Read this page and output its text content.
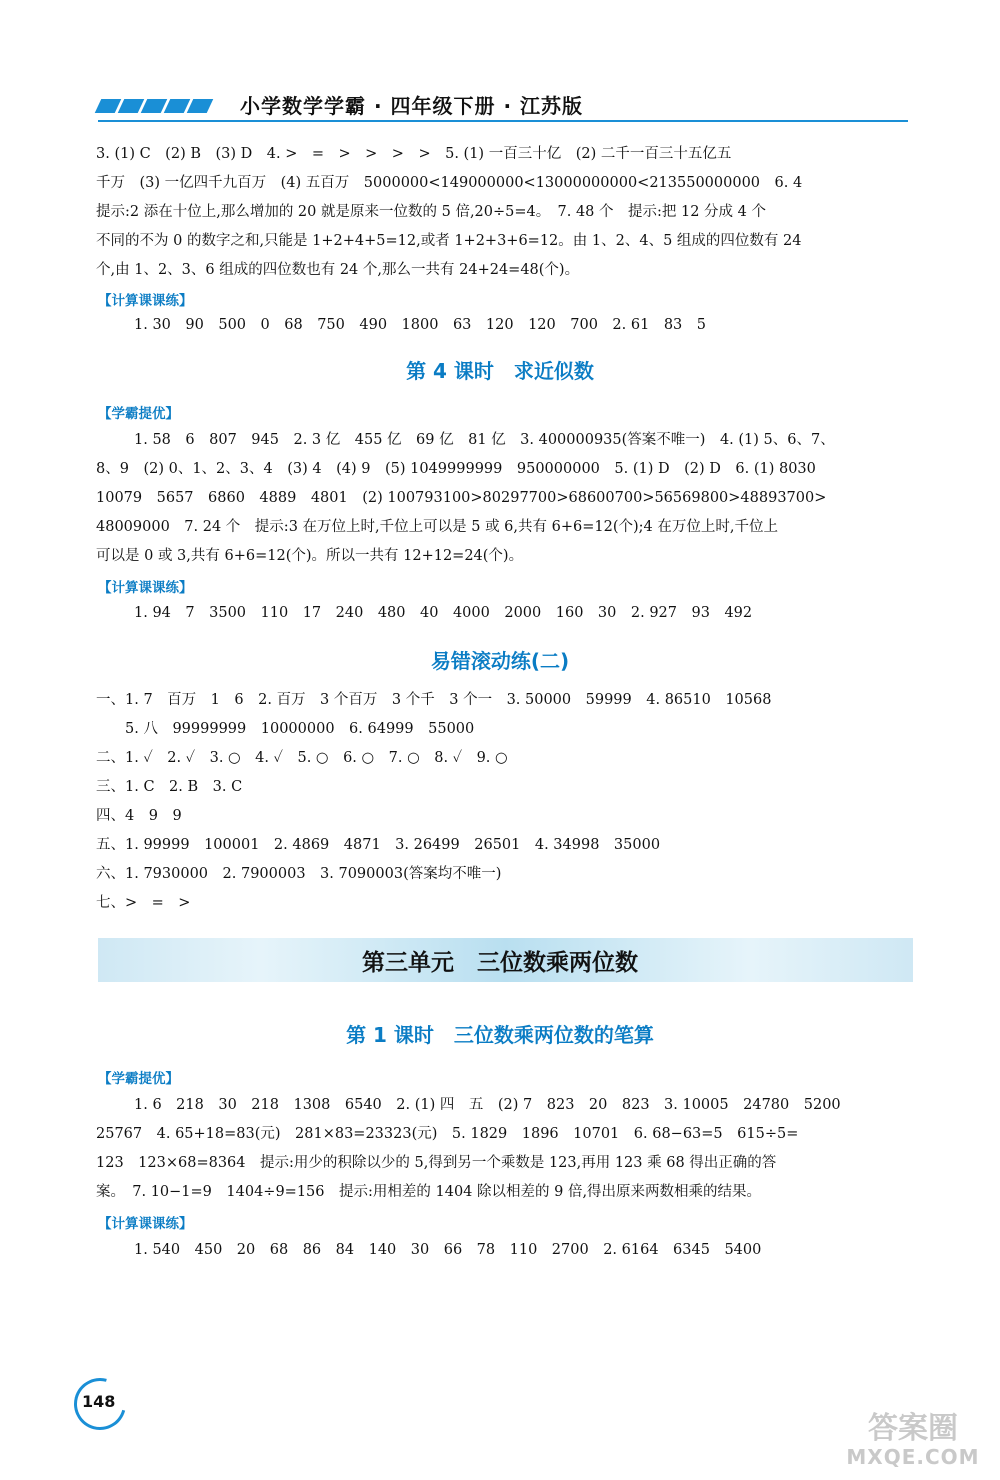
小学数学学霸 · 四年级下册 · 江苏版
3. (1) C　(2) B　(3) D　4. >　=　>　>　>　>　5. (1) 一百三十亿　(2) 二千一百三十五亿五
千万　(3) 一亿四千九百万　(4) 五百万　5000000<149000000<13000000000<213550000000　6. 4
提示:2 添在十位上,那么增加的 20 就是原来一位数的 5 倍,20÷5=4。　7. 48 个　提示:把 12 分成 4 个
不同的不为 0 的数字之和,只能是 1+2+4+5=12,或者 1+2+3+6=12。由 1、2、4、5 组成的四位数有 24
个,由 1、2、3、6 组成的四位数也有 24 个,那么一共有 24+24=48(个)。
【计算课课练】
1. 30　90　500　0　68　750　490　1800　63　120　120　700　2. 61　83　5
第 4 课时　求近似数
【学霸提优】
1. 58　6　807　945　2. 3 亿　455 亿　69 亿　81 亿　3. 400000935(答案不唯一)　4. (1) 5、6、7、
8、9　(2) 0、1、2、3、4　(3) 4　(4) 9　(5) 1049999999　950000000　5. (1) D　(2) D　6. (1) 8030
10079　5657　6860　4889　4801　(2) 100793100>80297700>68600700>56569800>48893700>
48009000　7. 24 个　提示:3 在万位上时,千位上可以是 5 或 6,共有 6+6=12(个);4 在万位上时,千位上
可以是 0 或 3,共有 6+6=12(个)。所以一共有 12+12=24(个)。
【计算课课练】
1. 94　7　3500　110　17　240　480　40　4000　2000　160　30　2. 927　93　492
易错滚动练(二)
一、1. 7　百万　1　6　2. 百万　3 个百万　3 个千　3 个一　3. 50000　59999　4. 86510　10568
　　5. 八　99999999　10000000　6. 64999　55000
二、1. ✓　2. ✓　3. ○　4. ✓　5. ○　6. ○　7. ○　8. ✓　9. ○
三、1. C　2. B　3. C
四、4　9　9
五、1. 99999　100001　2. 4869　4871　3. 26499　26501　4. 34998　35000
六、1. 7930000　2. 7900003　3. 7090003(答案均不唯一)
七、>　=　>
第三单元　三位数乘两位数
第 1 课时　三位数乘两位数的笔算
【学霸提优】
1. 6　218　30　218　1308　6540　2. (1) 四　五　(2) 7　823　20　823　3. 10005　24780　5200
25767　4. 65+18=83(元)　281×83=23323(元)　5. 1829　1896　10701　6. 68−63=5　615÷5=
123　123×68=8364　提示:用少的积除以少的 5,得到另一个乘数是 123,再用 123 乘 68 得出正确的答
案。　7. 10−1=9　1404÷9=156　提示:用相差的 1404 除以相差的 9 倍,得出原来两数相乘的结果。
【计算课课练】
1. 540　450　20　68　86　84　140　30　66　78　110　2700　2. 6164　6345　5400
148
答案圈
MXQE.COM
